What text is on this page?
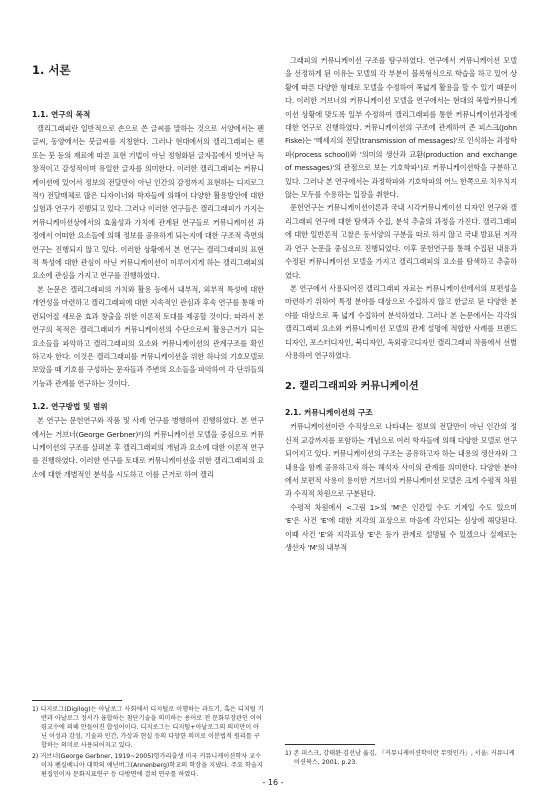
1. 서론
1.1. 연구의 목적

캘리그래피란 일반적으로 손으로 쓴 글씨를 말하는 것으로 서양에서는 펜글씨, 동양에서는 붓글씨를 지칭한다. 그러나 현대에서의 캘리그래피는 펜 또는 붓 등의 재료에 따른 표현 기법이 아닌 정형화된 글자꼴에서 벗어난 독창적이고 감성적이며 유일한 글자를 의미한다. 이러한 캘리그래피는 커뮤니케이션에 있어서 정보의 전달만이 아닌 인간의 감정까지 표현하는 디지로그적¹) 전달매체로 많은 디자이너와 학자들에 의해여 다양한 활용방안에 대한 실험과 연구가 진행되고 있다. 그러나 이러한 연구들은 캘리그래피가 가지는 커뮤니케이션상에서의 효율성과 가치에 관계된 연구들로 커뮤니케이션 과정에서 어떠한 요소들에 의해 정보를 공유하게 되는지에 대한 구조적 측면의 연구는 진행되지 않고 있다. 이러한 상황에서 본 연구는 캘리그래피의 표현적 특성에 대한 관심이 아닌 커뮤니케이션이 이루어지게 하는 캘리그래피의 요소에 관심을 가지고 연구를 진행하였다.

본 논문은 캘리그래피의 가치와 활용 등에서 내부적, 외부적 특성에 대한 개연성을 마련하고 캘리그래피에 대한 지속적인 관심과 후속 연구를 통해 마련되어질 새로운 효과 창출을 위한 이론적 토대를 제공할 것이다. 따라서 본 연구의 목적은 캘리그래피가 커뮤니케이션의 수단으로써 활용근거가 되는 요소들을 파악하고 캘리그래피의 요소와 커뮤니케이션의 관계구조를 확인하고자 한다. 이것은 캘리그래피를 커뮤니케이션을 위한 하나의 기호모델로 보았을 때 기호를 구성하는 문자들과 주변의 요소들을 파악하여 각 단위들의 기능과 관계를 연구하는 것이다.

1.2. 연구방법 및 범위

본 연구는 문헌연구와 작품 및 사례 연구를 병행하여 진행하였다. 본 연구에서는 거브너(George Gerbner)²)의 커뮤니케이션 모델을 중심으로 커뮤니케이션의 구조를 살펴본 후 캘리그래피의 개념과 요소에 대한 이론적 연구를 진행하였다. 이러한 연구를 토대로 커뮤니케이션을 위한 캘리그래피의 요소에 대한 개별적인 분석을 시도하고 이를 근거로 하여 캘리

그래피의 커뮤니케이션 구조를 탐구하였다. 연구에서 커뮤니케이션 모델을 선정하게 된 이유는 모델의 각 부분이 블록형식으로 학습을 하고 있어 상황에 따른 다양한 형태로 모델을 수정하여 폭넓게 활용을 할 수 있기 때문이다. 이러한 거브너의 커뮤니케이션 모델을 연구에서는 현대의 복합커뮤니케이션 상황에 맞도록 일부 수정하여 캘리그래피를 통한 커뮤니케이션과정에 대한 연구로 진행하였다. 커뮤니케이션의 구조에 관계하여 존 피스크(John Fiske)는 '메세지의 전달(transmission of messages)'로 인식하는 과정학파(process school)와 '의미의 생산과 교환(production and exchange of messages)'의 관점으로 보는 기호학파¹)로 커뮤니케이션학을 구분하고 있다. 그러나 본 연구에서는 과정학파와 기호학파의 어느 한쪽으로 치우치지 않는 모두를 수용하는 입장을 취한다.

문헌연구는 커뮤니케이션이론과 국내 시각커뮤니케이션 디자인 연구와 캘리그래피 연구에 대한 탐색과 수집, 분석 추출의 과정을 가진다. 캘리그래피에 대한 일반론적 고찰은 동서양의 구분을 따로 하지 않고 국내 발표된 저작과 연구 논문을 중심으로 진행되었다. 이후 문헌연구를 통해 수집된 내용과 수정된 커뮤니케이션 모델을 가지고 캘리그래피의 요소를 탐색하고 추출하였다.

본 연구에서 사용되어진 캘리그래피 자료는 커뮤니케이션에서의 보편성을 마련하기 위하여 특정 분야를 대상으로 수집하지 않고 한글로 된 다양한 분야를 대상으로 폭 넓게 수집하여 분석하였다. 그러나 본 논문에서는 각각의 캘리그래피 요소와 커뮤니케이션 모델의 관계 설명에 적합한 사례를 브랜드디자인, 포스터디자인, 북디자인, 옥외광고디자인 캘리그래피 작품에서 선별 사용하여 연구하였다.

2. 캘리그래피와 커뮤니케이션
2.1. 커뮤니케이션의 구조

커뮤니케이션이란 수직상으로 나타내는 정보의 전달만이 아닌 인간의 정신적 교감까지를 포함하는 개념으로 여러 학자들에 의해 다양한 모델로 연구되어지고 있다. 커뮤니케이션의 구조는 공유하고자 하는 내용의 생산자와 그 내용을 함께 공유하고자 하는 해석자 사이의 관계를 의미한다. 다양한 분야에서 보편적 사용이 용이한 거브너의 커뮤니케이션 모델은 크게 수평적 차원과 수직적 차원으로 구분된다.

수평적 차원에서 <그림 1>의 'M'은 인간일 수도 기계일 수도 있으며 'E'은 사건 'E'에 대한 지각의 표상으로 마음에 각인되는 심상에 해당된다. 이때 사건 'E'와 지각표상 'E'은 등가 관계로 설명될 수 있겠으나 실제로는 생산자 'M'의 내부적

1) 디지로그(Digilog)는 아날로그 사회에서 디지털로 이행하는 과도기, 혹은 디지털 기반과 아날로그 정서가 융합하는 첨단기술을 의미하는 용어로 전 문화부장관인 이어령교수에 의해 만들어진 합성어이다. 디지로그는 디지털+아날로그의 의미만이 아닌 이성과 감성, 기술과 인간, 가상과 현실 등의 다양한 의미로 이분법적 원리를 구합하는 의미로 사용되어지고 있다.

2) 거브너(George Gerbner, 1919~2005)헝가리출생 미국 커뮤니케이션학자 교수이자 펜실베니아 대학의 애넌버그(Annenberg)학교의 학장을 지냈다. 주요 학술지 편집인이자 문화지표연구 등 다방면에 걸쳐 연구를 하였다.

1) 존 피스크, 강태완·김선남 옮김, 『커뮤니케이션학이란 무엇인가』, 서울: 커뮤니케이션북스, 2001, p.23.

- 16 -
